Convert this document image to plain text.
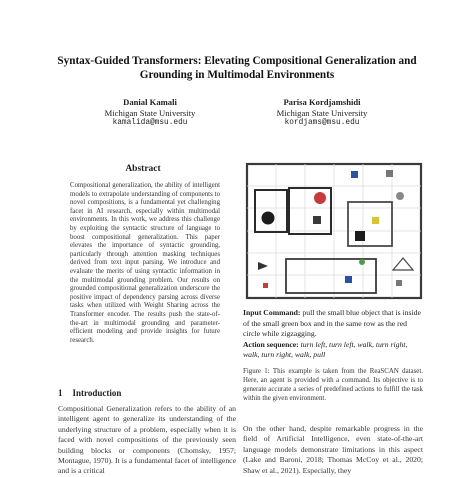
Syntax-Guided Transformers: Elevating Compositional Generalization and
Grounding in Multimodal Environments
Danial Kamali
Michigan State University
kamalida@msu.edu
Parisa Kordjamshidi
Michigan State University
kordjams@msu.edu
Abstract
Compositional generalization, the ability of intelligent models to extrapolate understanding of components to novel compositions, is a fundamental yet challenging facet in AI research, especially within multimodal environments. In this work, we address this challenge by exploiting the syntactic structure of language to boost compositional generalization. This paper elevates the importance of syntactic grounding, particularly through attention masking techniques derived from text input parsing. We introduce and evaluate the merits of using syntactic information in the multimodal grounding problem. Our results on grounded compositional generalization underscore the positive impact of dependency parsing across diverse tasks when utilized with Weight Sharing across the Transformer encoder. The results push the state-of-the-art in multimodal grounding and parameter-efficient modeling and provide insights for future research.
1 Introduction
Compositional Generalization refers to the ability of an intelligent agent to generalize its understanding of the underlying structure of a problem, especially when it is faced with novel compositions of the previously seen building blocks or components (Chomsky, 1957; Montague, 1970). It is a fundamental facet of intelligence and is a critical
Input Command: pull the small blue object that is inside of the small green box and in the same row as the red circle while zigzagging.
Action sequence: turn left, turn left, walk, turn right, walk, turn right, walk, pull
Figure 1: This example is taken from the ReaSCAN dataset. Here, an agent is provided with a command. Its objective is to generate accurate a series of predefined actions to fulfill the task within the given environment.
On the other hand, despite remarkable progress in the field of Artificial Intelligence, even state-of-the-art language models demonstrate limitations in this aspect (Lake and Baroni, 2018; Thomas McCoy et al., 2020; Shaw et al., 2021). Especially, they
